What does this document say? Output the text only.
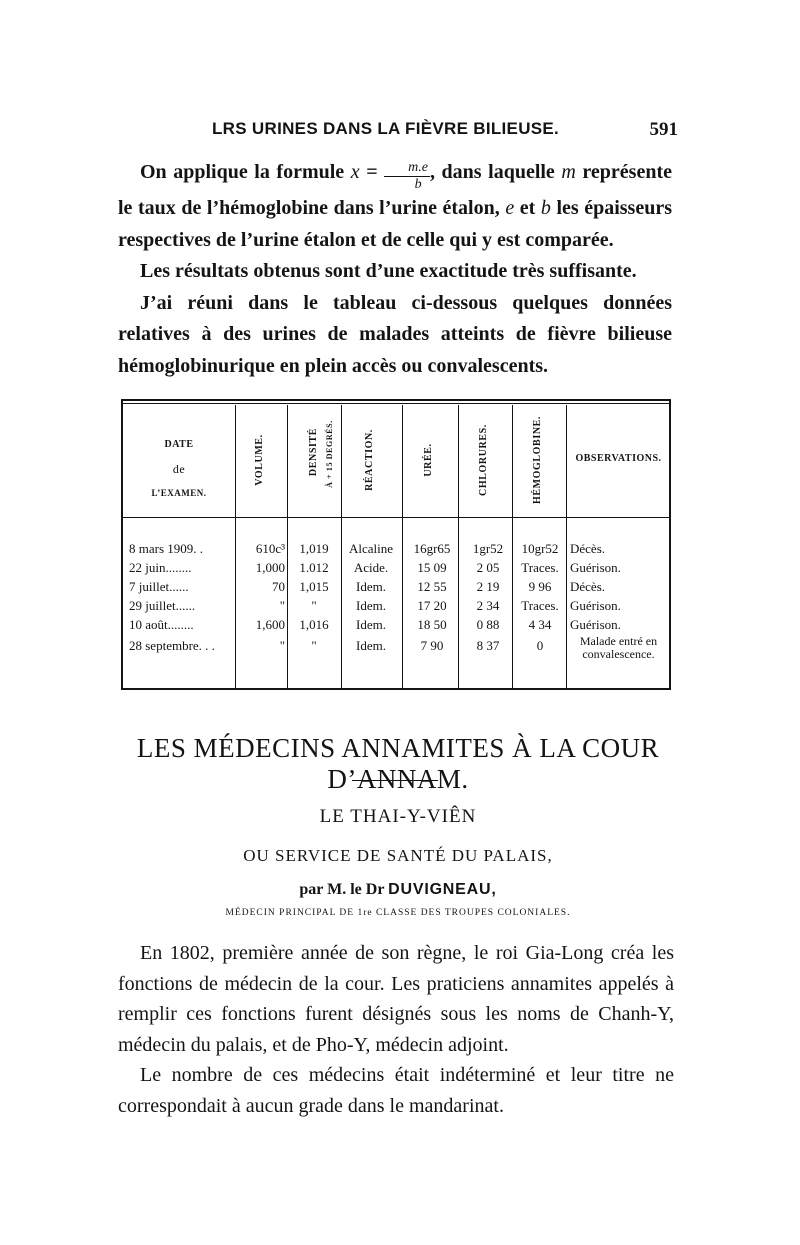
LRS URINES DANS LA FIÈVRE BILIEUSE.	591

On applique la formule $x = \frac{m.e}{b}$ , dans laquelle m représente le taux de l’hémoglobine dans l’urine étalon, e et b les épaisseurs respectives de l’urine étalon et de celle qui y est comparée.

Les résultats obtenus sont d’une exactitude très suffisante.

J’ai réuni dans le tableau ci-dessous quelques données relatives à des urines de malades atteints de fièvre bilieuse hémoglobinurique en plein accès ou convalescents.

DATE
de
L’EXAMEN.
VOLUME.	DENSITÉ À + 15 DEGRÉS.	RÉACTION.	URÉE.	CHLORURES.	HÉMOGLOBINE.	OBSERVATIONS.
8 mars 1909. .	610c³	1,019	Alcaline	16gr65	1gr52	10gr52 Décès.
22 juin........	1,000	1.012	Acide.	15 09	2 05	Traces. Guérison.
7 juillet......	70	1,015	Idem.	12 55	2 19	9 96	Décès.
29 juillet......	"	"	Idem.	17 20	2 34	Traces. Guérison.
10 août........	1,600	1,016	Idem.	18 50	0 88	4 34	Guérison.
28 septembre. . .	"	"	Idem.	7 90	8 37	0	Malade entré en convalescence.
LES MÉDECINS ANNAMITES À LA COUR D’ANNAM.
LE THAI-Y-VIÊN
OU SERVICE DE SANTÉ DU PALAIS,
par M. le Dr DUVIGNEAU,
MÉDECIN PRINCIPAL DE 1re CLASSE DES TROUPES COLONIALES.

En 1802, première année de son règne, le roi Gia-Long créa les fonctions de médecin de la cour. Les praticiens annamites appelés à remplir ces fonctions furent désignés sous les noms de Chanh-Y, médecin du palais, et de Pho-Y, médecin adjoint.

Le nombre de ces médecins était indéterminé et leur titre ne correspondait à aucun grade dans le mandarinat.
